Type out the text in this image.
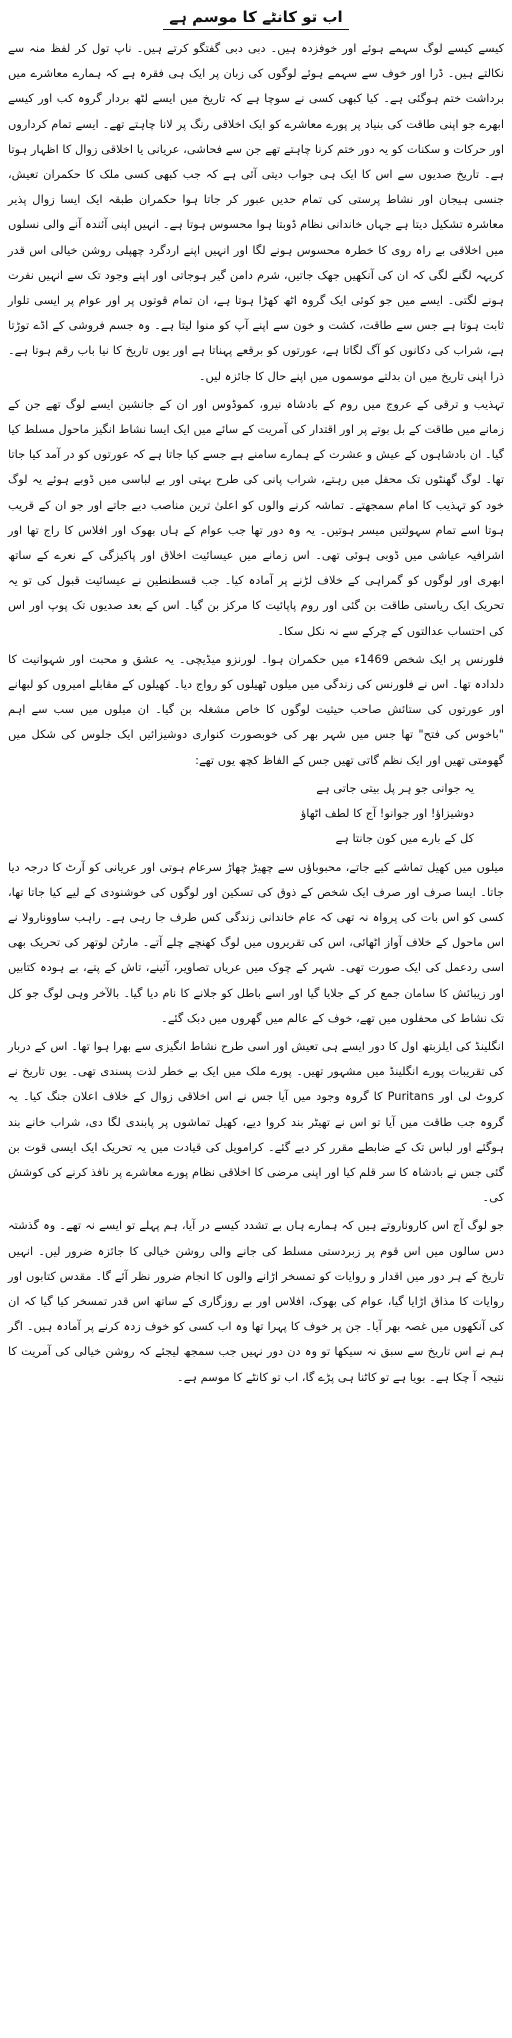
اب تو کانٹے کا موسم ہے

کیسے کیسے لوگ سہمے ہوئے اور خوفزدہ ہیں۔ دبی دبی گفتگو کرتے ہیں۔ ناپ تول کر لفظ منہ سے نکالتے ہیں۔ ڈرا اور خوف سے سہمے ہوئے لوگوں کی زبان پر ایک ہی فقرہ ہے کہ ہمارے معاشرے میں برداشت ختم ہوگئی ہے۔ کیا کبھی کسی نے سوچا ہے کہ تاریخ میں ایسے لٹھ بردار گروہ کب اور کیسے ابھرے جو اپنی طاقت کی بنیاد پر پورے معاشرے کو ایک اخلاقی رنگ پر لانا چاہتے تھے۔ ایسے تمام کرداروں اور حرکات و سکنات کو یہ دور ختم کرنا چاہتے تھے جن سے فحاشی، عریانی یا اخلاقی زوال کا اظہار ہوتا ہے۔ تاریخ صدیوں سے اس کا ایک ہی جواب دیتی آئی ہے کہ جب کبھی کسی ملک کا حکمران تعیش، جنسی ہیجان اور نشاط پرستی کی تمام حدیں عبور کر جاتا ہوا حکمران طبقہ ایک ایسا زوال پذیر معاشرہ تشکیل دیتا ہے جہاں خاندانی نظام ڈوبتا ہوا محسوس ہوتا ہے۔ انہیں اپنی آئندہ آنے والی نسلوں میں اخلاقی بے راہ روی کا خطرہ محسوس ہونے لگا اور انہیں اپنے اردگرد چھپلی روشن خیالی اس قدر کریہہ لگنے لگی کہ ان کی آنکھیں جھک جاتیں، شرم دامن گیر ہوجاتی اور اپنے وجود تک سے انہیں نفرت ہونے لگتی۔ ایسے میں جو کوئی ایک گروہ اٹھ کھڑا ہوتا ہے، ان تمام قوتوں پر اور عوام پر ایسی تلوار ثابت ہوتا ہے جس سے طاقت، کشت و خون سے اپنے آپ کو منوا لیتا ہے۔ وہ جسم فروشی کے اڈے توڑتا ہے، شراب کی دکانوں کو آگ لگاتا ہے، عورتوں کو برقعے پہناتا ہے اور یوں تاریخ کا نیا باب رقم ہوتا ہے۔ ذرا اپنی تاریخ میں ان بدلتے موسموں میں اپنے حال کا جائزہ لیں۔

تہذیب و ترقی کے عروج میں روم کے بادشاہ نیرو، کموڈوس اور ان کے جانشین ایسے لوگ تھے جن کے زمانے میں طاقت کے بل بوتے پر اور اقتدار کی آمریت کے سائے میں ایک ایسا نشاط انگیز ماحول مسلط کیا گیا۔ ان بادشاہوں کے عیش و عشرت کے ہمارے سامنے ہے جسے کیا جاتا ہے کہ عورتوں کو در آمد کیا جاتا تھا۔ لوگ گھنٹوں تک محفل میں رہتے، شراب پانی کی طرح بہتی اور بے لباسی میں ڈوبے ہوئے یہ لوگ خود کو تہذیب کا امام سمجھتے۔ تماشہ کرنے والوں کو اعلیٰ ترین مناصب دیے جاتے اور جو ان کے قریب ہوتا اسے تمام سہولتیں میسر ہوتیں۔ یہ وہ دور تھا جب عوام کے ہاں بھوک اور افلاس کا راج تھا اور اشرافیہ عیاشی میں ڈوبی ہوئی تھی۔ اس زمانے میں عیسائیت اخلاق اور پاکیزگی کے نعرے کے ساتھ ابھری اور لوگوں کو گمراہی کے خلاف لڑنے پر آمادہ کیا۔ جب قسطنطین نے عیسائیت قبول کی تو یہ تحریک ایک ریاستی طاقت بن گئی اور روم پاپائیت کا مرکز بن گیا۔ اس کے بعد صدیوں تک پوپ اور اس کی احتساب عدالتوں کے چرکے سے نہ نکل سکا۔

فلورنس پر ایک شخص 1469ء میں حکمران ہوا۔ لورنزو میڈیچی۔ یہ عشق و محبت اور شہوانیت کا دلدادہ تھا۔ اس نے فلورنس کی زندگی میں میلوں ٹھیلوں کو رواج دیا۔ کھیلوں کے مقابلے امیروں کو لبھانے اور عورتوں کی ستائش صاحب حیثیت لوگوں کا خاص مشغلہ بن گیا۔ ان میلوں میں سب سے اہم "باخوس کی فتح" تھا جس میں شہر بھر کی خوبصورت کنواری دوشیزائیں ایک جلوس کی شکل میں گھومتی تھیں اور ایک نظم گاتی تھیں جس کے الفاظ کچھ یوں تھے:

یہ جوانی جو ہر پل بیتی جاتی ہے
دوشیزاؤ! اور جوانو! آج کا لطف اٹھاؤ
کل کے بارے میں کون جانتا ہے

میلوں میں کھیل تماشے کیے جاتے، محبوباؤں سے چھیڑ چھاڑ سرعام ہوتی اور عریانی کو آرٹ کا درجہ دیا جاتا۔ ایسا صرف اور صرف ایک شخص کے ذوق کی تسکین اور لوگوں کی خوشنودی کے لیے کیا جاتا تھا، کسی کو اس بات کی پرواہ نہ تھی کہ عام خاندانی زندگی کس طرف جا رہی ہے۔ راہب ساوونارولا نے اس ماحول کے خلاف آواز اٹھائی، اس کی تقریروں میں لوگ کھنچے چلے آتے۔ مارٹن لوتھر کی تحریک بھی اسی ردعمل کی ایک صورت تھی۔ شہر کے چوک میں عریاں تصاویر، آئینے، تاش کے پتے، بے ہودہ کتابیں اور زیبائش کا سامان جمع کر کے جلایا گیا اور اسے باطل کو جلانے کا نام دیا گیا۔ بالآخر وہی لوگ جو کل تک نشاط کی محفلوں میں تھے، خوف کے عالم میں گھروں میں دبک گئے۔

انگلینڈ کی ایلزبتھ اول کا دور ایسے ہی تعیش اور اسی طرح نشاط انگیزی سے بھرا ہوا تھا۔ اس کے دربار کی تقریبات پورے انگلینڈ میں مشہور تھیں۔ پورے ملک میں ایک بے خطر لذت پسندی تھی۔ یوں تاریخ نے کروٹ لی اور Puritans کا گروہ وجود میں آیا جس نے اس اخلاقی زوال کے خلاف اعلان جنگ کیا۔ یہ گروہ جب طاقت میں آیا تو اس نے تھیٹر بند کروا دیے، کھیل تماشوں پر پابندی لگا دی، شراب خانے بند ہوگئے اور لباس تک کے ضابطے مقرر کر دیے گئے۔ کرامویل کی قیادت میں یہ تحریک ایک ایسی قوت بن گئی جس نے بادشاہ کا سر قلم کیا اور اپنی مرضی کا اخلاقی نظام پورے معاشرے پر نافذ کرنے کی کوشش کی۔

جو لوگ آج اس کاروناروتے ہیں کہ ہمارے ہاں بے تشدد کیسے در آیا، ہم پہلے تو ایسے نہ تھے۔ وہ گذشتہ دس سالوں میں اس قوم پر زبردستی مسلط کی جانے والی روشن خیالی کا جائزہ ضرور لیں۔ انہیں تاریخ کے ہر دور میں اقدار و روایات کو تمسخر اڑانے والوں کا انجام ضرور نظر آئے گا۔ مقدس کتابوں اور روایات کا مذاق اڑایا گیا، عوام کی بھوک، افلاس اور بے روزگاری کے ساتھ اس قدر تمسخر کیا گیا کہ ان کی آنکھوں میں غصہ بھر آیا۔ جن پر خوف کا پہرا تھا وہ اب کسی کو خوف زدہ کرنے پر آمادہ ہیں۔ اگر ہم نے اس تاریخ سے سبق نہ سیکھا تو وہ دن دور نہیں جب سمجھ لیجئے کہ روشن خیالی کی آمریت کا نتیجہ آ چکا ہے۔ بویا ہے تو کاٹنا ہی پڑے گا، اب تو کانٹے کا موسم ہے۔
